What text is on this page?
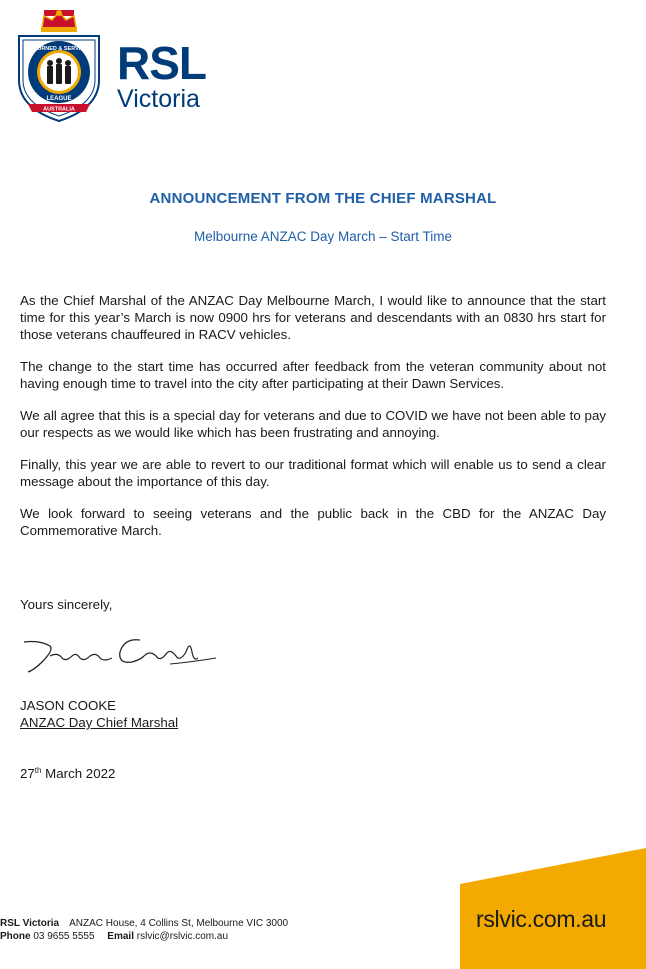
RETURNED & SERVICES
LEAGUE
AUSTRALIA
RSL
Victoria
ANNOUNCEMENT FROM THE CHIEF MARSHAL
Melbourne ANZAC Day March – Start Time

As the Chief Marshal of the ANZAC Day Melbourne March, I would like to announce that the start time for this year’s March is now 0900 hrs for veterans and descendants with an 0830 hrs start for those veterans chauffeured in RACV vehicles.

The change to the start time has occurred after feedback from the veteran community about not having enough time to travel into the city after participating at their Dawn Services.

We all agree that this is a special day for veterans and due to COVID we have not been able to pay our respects as we would like which has been frustrating and annoying.

Finally, this year we are able to revert to our traditional format which will enable us to send a clear message about the importance of this day.

We look forward to seeing veterans and the public back in the CBD for the ANZAC Day Commemorative March.

Yours sincerely,
JASON COOKE
ANZAC Day Chief Marshal
27th March 2022
RSL Victoria ANZAC House, 4 Collins St, Melbourne VIC 3000
Phone 03 9655 5555 Email rslvic@rslvic.com.au
rslvic.com.au
